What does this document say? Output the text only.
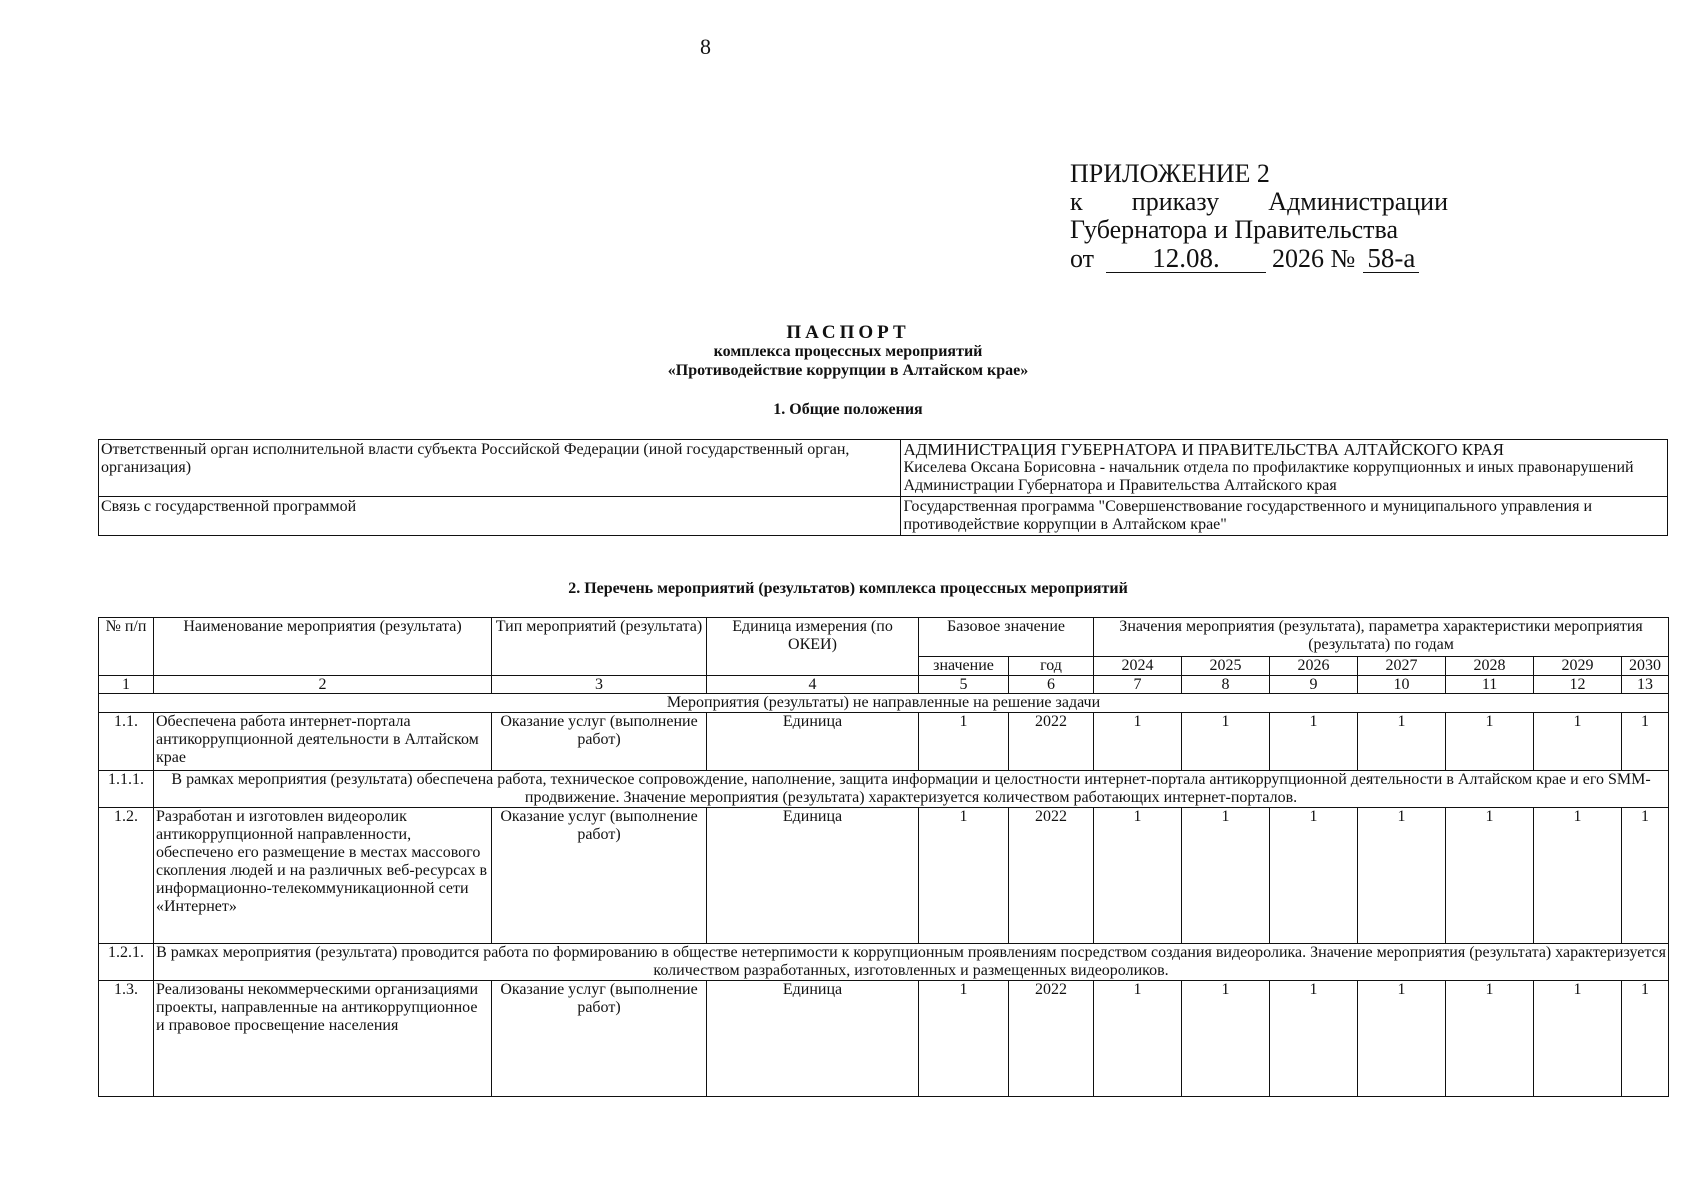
8
ПРИЛОЖЕНИЕ 2
к приказу Администрации
Губернатора и Правительства
от	12.08.	2026 № 58-а
ПАСПОРТ
комплекса процессных мероприятий
«Противодействие коррупции в Алтайском крае»
1. Общие положения
Ответственный орган исполнительной власти субъекта Российской Федерации (иной государственный орган, организация)	АДМИНИСТРАЦИЯ ГУБЕРНАТОРА И ПРАВИТЕЛЬСТВА АЛТАЙСКОГО КРАЯ
Киселева Оксана Борисовна - начальник отдела по профилактике коррупционных и иных правонарушений Администрации Губернатора и Правительства Алтайского края

Связь с государственной программой	Государственная программа "Совершенствование государственного и муниципального управления и противодействие коррупции в Алтайском крае"
2. Перечень мероприятий (результатов) комплекса процессных мероприятий
№ п/п	Наименование мероприятия (результата)	Тип мероприятий (результата)	Единица измерения (по ОКЕИ)	Базовое значение		Значения мероприятия (результата), параметра характеристики мероприятия (результата) по годам						
				значение	год	2024	2025	2026	2027	2028	2029	2030
1	2	3	4	5	6	7	8	9	10	11	12	13
Мероприятия (результаты) не направленные на решение задачи												
1.1.	Обеспечена работа интернет-портала антикоррупционной деятельности в Алтайском крае	Оказание услуг (выполнение работ)	Единица	1	2022	1	1	1	1	1	1	1
1.1.1.	В рамках мероприятия (результата) обеспечена работа, техническое сопровождение, наполнение, защита информации и целостности интернет-портала антикоррупционной деятельности в Алтайском крае и его SMM-продвижение. Значение мероприятия (результата) характеризуется количеством работающих интернет-порталов.											
1.2.	Разработан и изготовлен видеоролик антикоррупционной направленности, обеспечено его размещение в местах массового скопления людей и на различных веб-ресурсах в информационно-телекоммуникационной сети «Интернет»	Оказание услуг (выполнение работ)	Единица	1	2022	1	1	1	1	1	1	1
1.2.1.	В рамках мероприятия (результата) проводится работа по формированию в обществе нетерпимости к коррупционным проявлениям посредством создания видеоролика. Значение мероприятия (результата) характеризуется количеством разработанных, изготовленных и размещенных видеороликов.											
1.3.	Реализованы некоммерческими организациями проекты, направленные на антикоррупционное и правовое просвещение населения	Оказание услуг (выполнение работ)	Единица	1	2022	1	1	1	1	1	1	1
